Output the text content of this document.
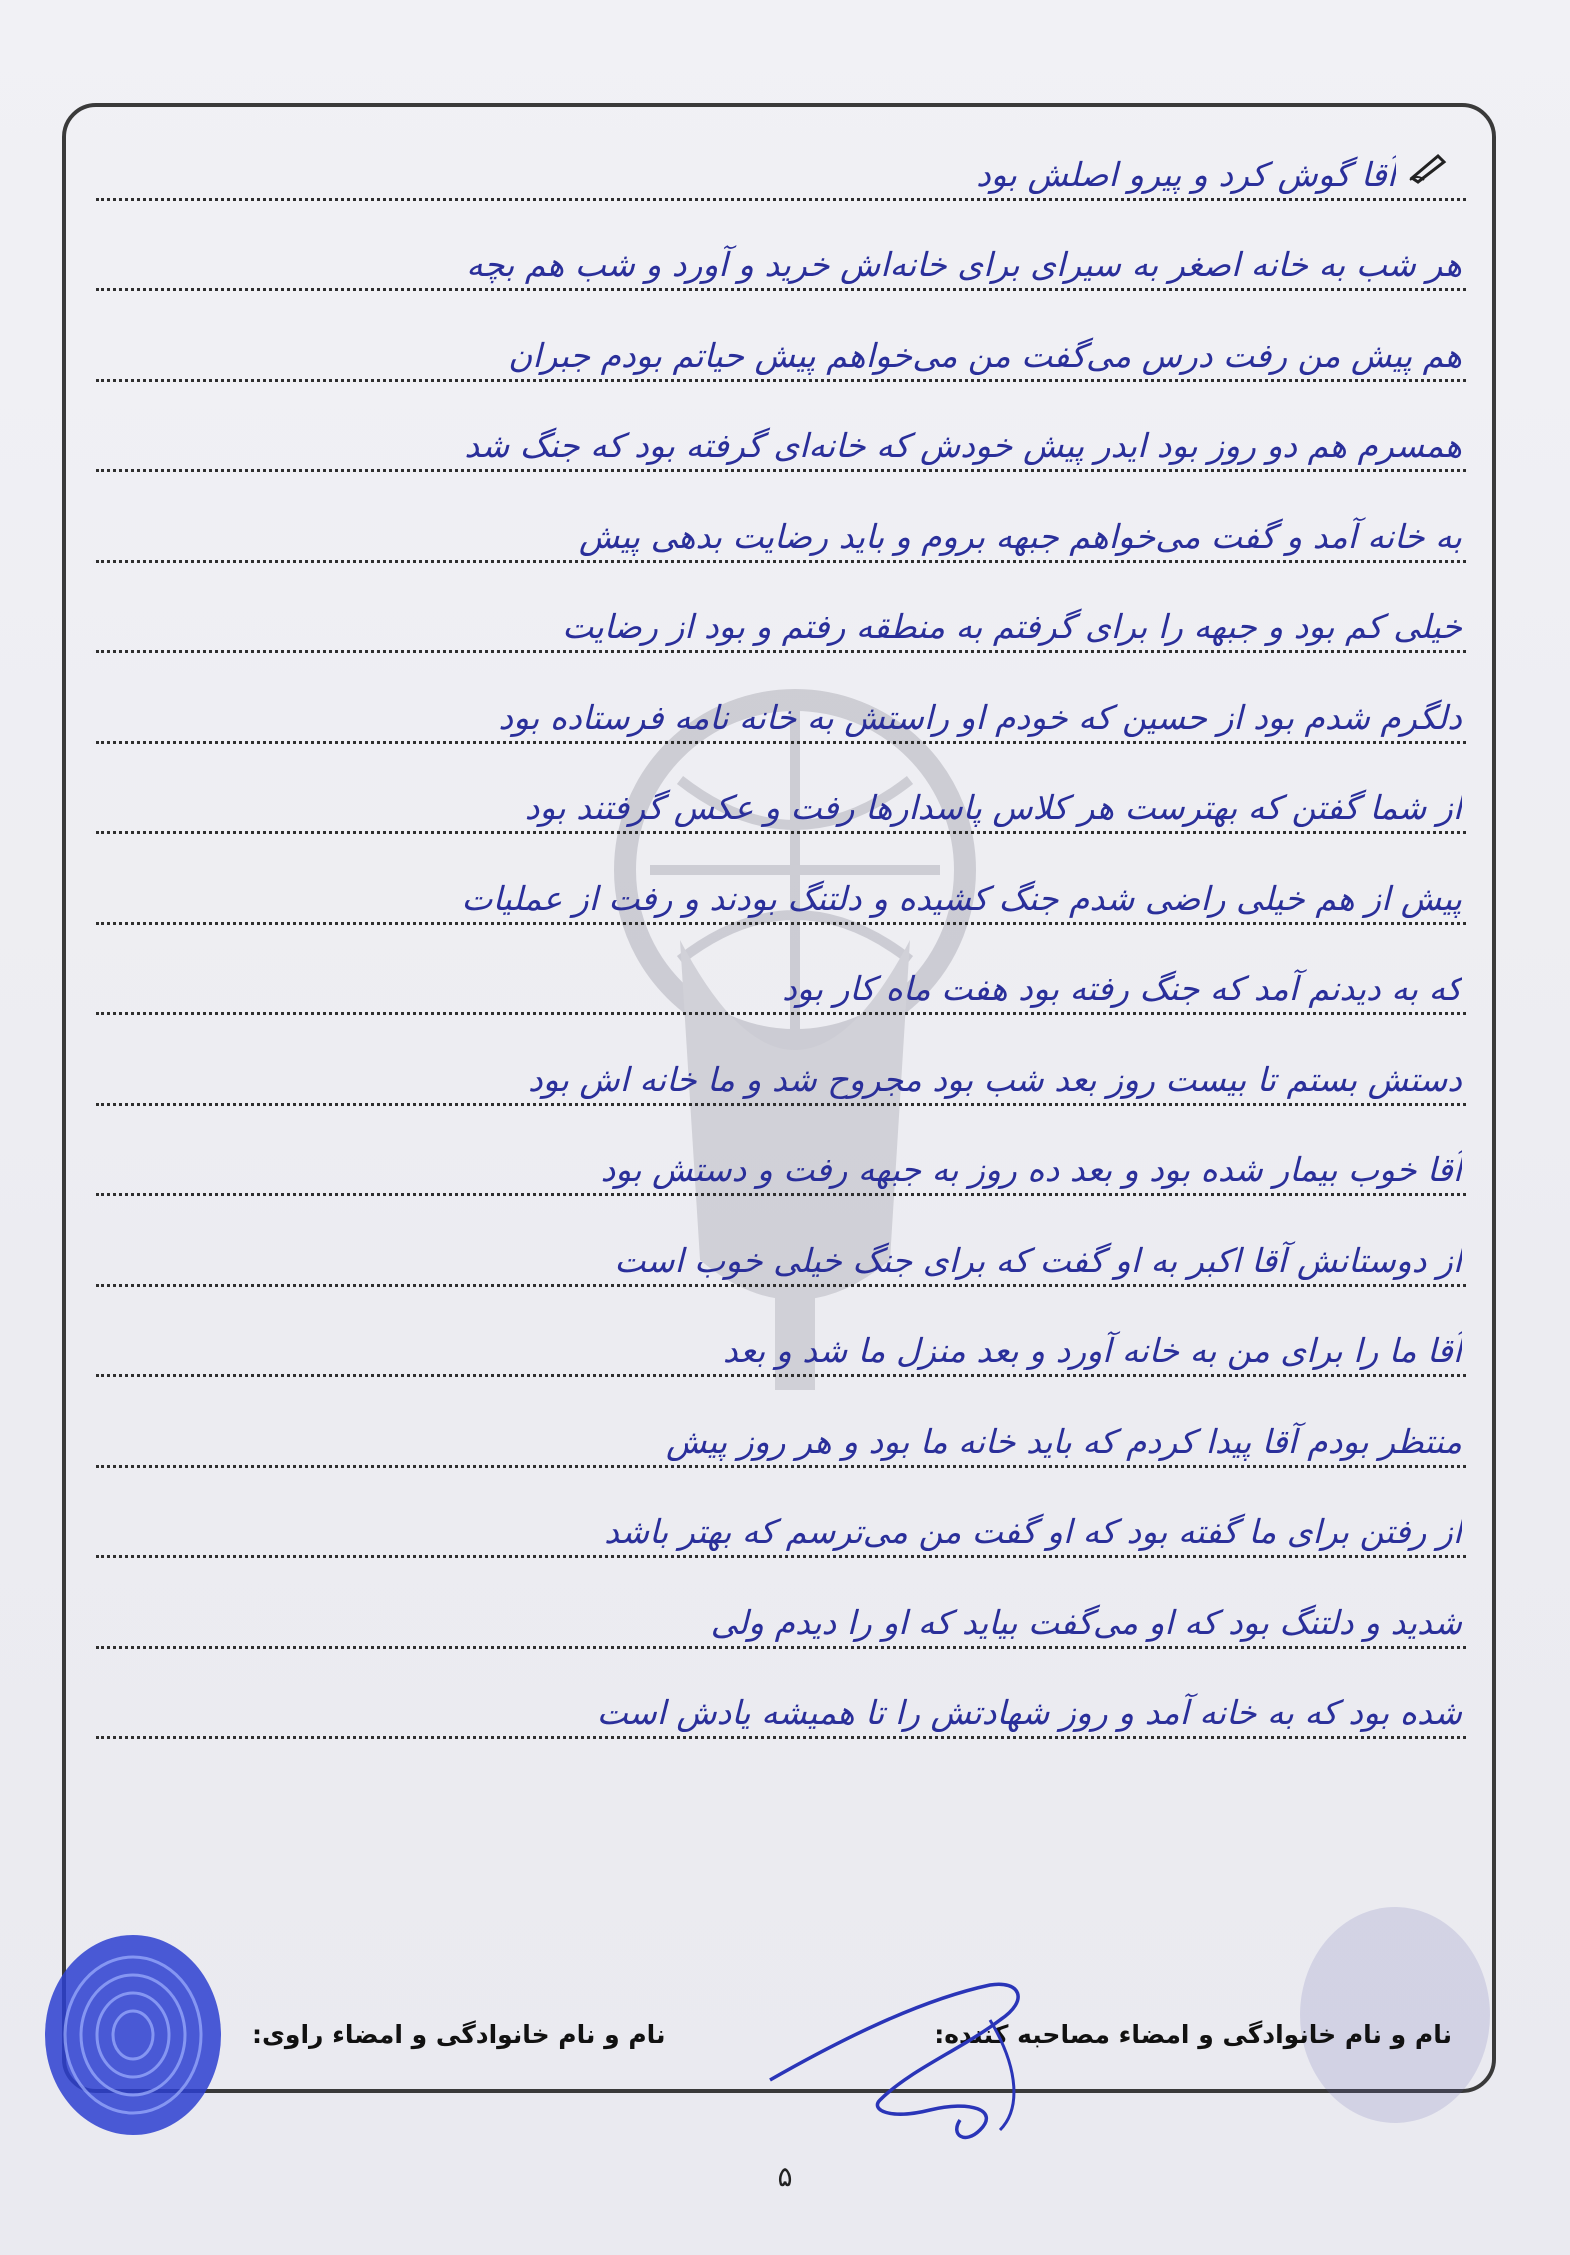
آقا گوش کرد و پیرو اصلش بود
هر شب به خانه اصغر به سیرای برای خانه‌اش خرید و آورد و شب هم بچه
هم پیش من رفت درس می‌گفت من می‌خواهم پیش حیاتم بودم جبران
همسرم هم دو روز بود ایدر پیش خودش که خانه‌ای گرفته بود که جنگ شد
به خانه آمد و گفت می‌خواهم جبهه بروم و باید رضایت بدهی پیش
خیلی کم بود و جبهه را برای گرفتم به منطقه رفتم و بود از رضایت
دلگرم شدم بود از حسین که خودم او راستش به خانه نامه فرستاده بود
از شما گفتن که بهترست هر کلاس پاسدارها رفت و عکس گرفتند بود
پیش از هم خیلی راضی شدم جنگ کشیده و دلتنگ بودند و رفت از عملیات
که به دیدنم آمد که جنگ رفته بود هفت ماه کار بود
دستش بستم تا بیست روز بعد شب بود مجروح شد و ما خانه اش بود
آقا خوب بیمار شده بود و بعد ده روز به جبهه رفت و دستش بود
از دوستانش آقا اکبر به او گفت که برای جنگ خیلی خوب است
آقا ما را برای من به خانه آورد و بعد منزل ما شد و بعد
منتظر بودم آقا پیدا کردم که باید خانه ما بود و هر روز پیش
از رفتن برای ما گفته بود که او گفت من می‌ترسم که بهتر باشد
شدید و دلتنگ بود که او می‌گفت بیاید که او را دیدم ولی
شده بود که به خانه آمد و روز شهادتش را تا همیشه یادش است
نام و نام خانوادگی و امضاء مصاحبه کننده:
نام و نام خانوادگی و امضاء راوی:
۵
